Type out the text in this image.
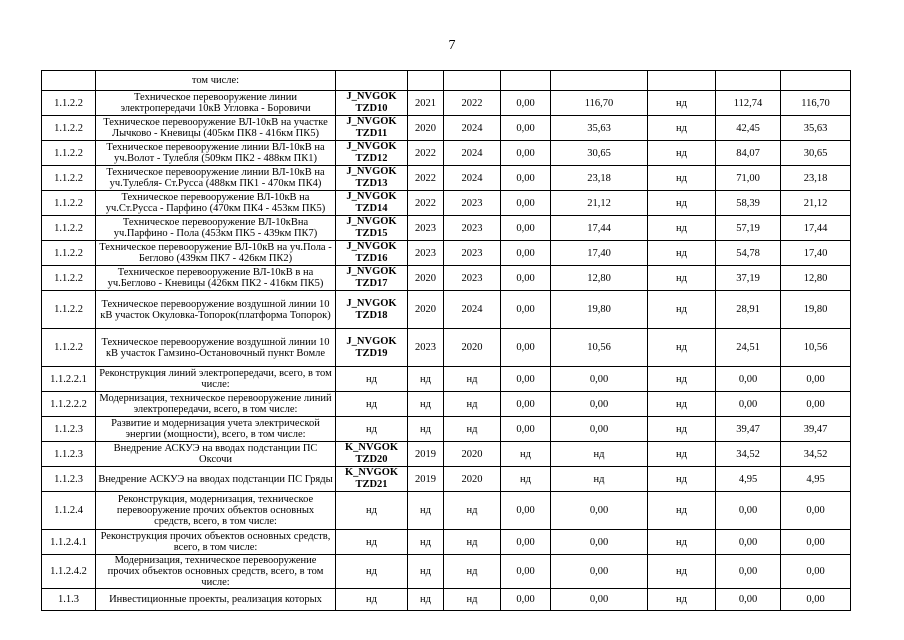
7
	том числе:								
1.1.2.2	Техническое перевооружение линии электропередачи 10кВ Угловка - Боровичи	J_NVGOK TZD10	2021	2022	0,00	116,70	нд	112,74	116,70
1.1.2.2	Техническое перевооружение ВЛ-10кВ на участке Лычково - Кневицы (405км ПК8 - 416км ПК5)	J_NVGOK TZD11	2020	2024	0,00	35,63	нд	42,45	35,63
1.1.2.2	Техническое перевооружение линии ВЛ-10кВ на уч.Волот - Тулебля (509км ПК2 - 488км ПК1)	J_NVGOK TZD12	2022	2024	0,00	30,65	нд	84,07	30,65
1.1.2.2	Техническое перевооружение линии ВЛ-10кВ на уч.Тулебля- Ст.Русса (488км ПК1 - 470км ПК4)	J_NVGOK TZD13	2022	2024	0,00	23,18	нд	71,00	23,18
1.1.2.2	Техническое перевооружение ВЛ-10кВ на уч.Ст.Русса - Парфино (470км ПК4 - 453км ПК5)	J_NVGOK TZD14	2022	2023	0,00	21,12	нд	58,39	21,12
1.1.2.2	Техническое перевооружение ВЛ-10кВна уч.Парфино - Пола (453км ПК5 - 439км ПК7)	J_NVGOK TZD15	2023	2023	0,00	17,44	нд	57,19	17,44
1.1.2.2	Техническое перевооружение ВЛ-10кВ на уч.Пола - Беглово (439км ПК7 - 426км ПК2)	J_NVGOK TZD16	2023	2023	0,00	17,40	нд	54,78	17,40
1.1.2.2	Техническое перевооружение ВЛ-10кВ в на уч.Беглово - Кневицы (426км ПК2 - 416км ПК5)	J_NVGOK TZD17	2020	2023	0,00	12,80	нд	37,19	12,80
1.1.2.2	Техническое перевооружение воздушной линии 10 кВ участок Окуловка-Топорок(платформа Топорок)	J_NVGOK TZD18	2020	2024	0,00	19,80	нд	28,91	19,80
1.1.2.2	Техническое перевооружение воздушной линии 10 кВ участок Гамзино-Остановочный пункт Вомле	J_NVGOK TZD19	2023	2020	0,00	10,56	нд	24,51	10,56
1.1.2.2.1	Реконструкция линий электропередачи, всего, в том числе:	нд	нд	нд	0,00	0,00	нд	0,00	0,00
1.1.2.2.2	Модернизация, техническое перевооружение линий электропередачи, всего, в том числе:	нд	нд	нд	0,00	0,00	нд	0,00	0,00
1.1.2.3	Развитие и модернизация учета электрической энергии (мощности), всего, в том числе:	нд	нд	нд	0,00	0,00	нд	39,47	39,47
1.1.2.3	Внедрение АСКУЭ на вводах подстанции ПС Оксочи	K_NVGOK TZD20	2019	2020	нд	нд	нд	34,52	34,52
1.1.2.3	Внедрение АСКУЭ на вводах подстанции ПС Гряды	K_NVGOK TZD21	2019	2020	нд	нд	нд	4,95	4,95
1.1.2.4	Реконструкция, модернизация, техническое перевооружение прочих объектов основных средств, всего, в том числе:	нд	нд	нд	0,00	0,00	нд	0,00	0,00
1.1.2.4.1	Реконструкция прочих объектов основных средств, всего, в том числе:	нд	нд	нд	0,00	0,00	нд	0,00	0,00
1.1.2.4.2	Модернизация, техническое перевооружение прочих объектов основных средств, всего, в том числе:	нд	нд	нд	0,00	0,00	нд	0,00	0,00
1.1.3	Инвестиционные проекты, реализация которых	нд	нд	нд	0,00	0,00	нд	0,00	0,00
